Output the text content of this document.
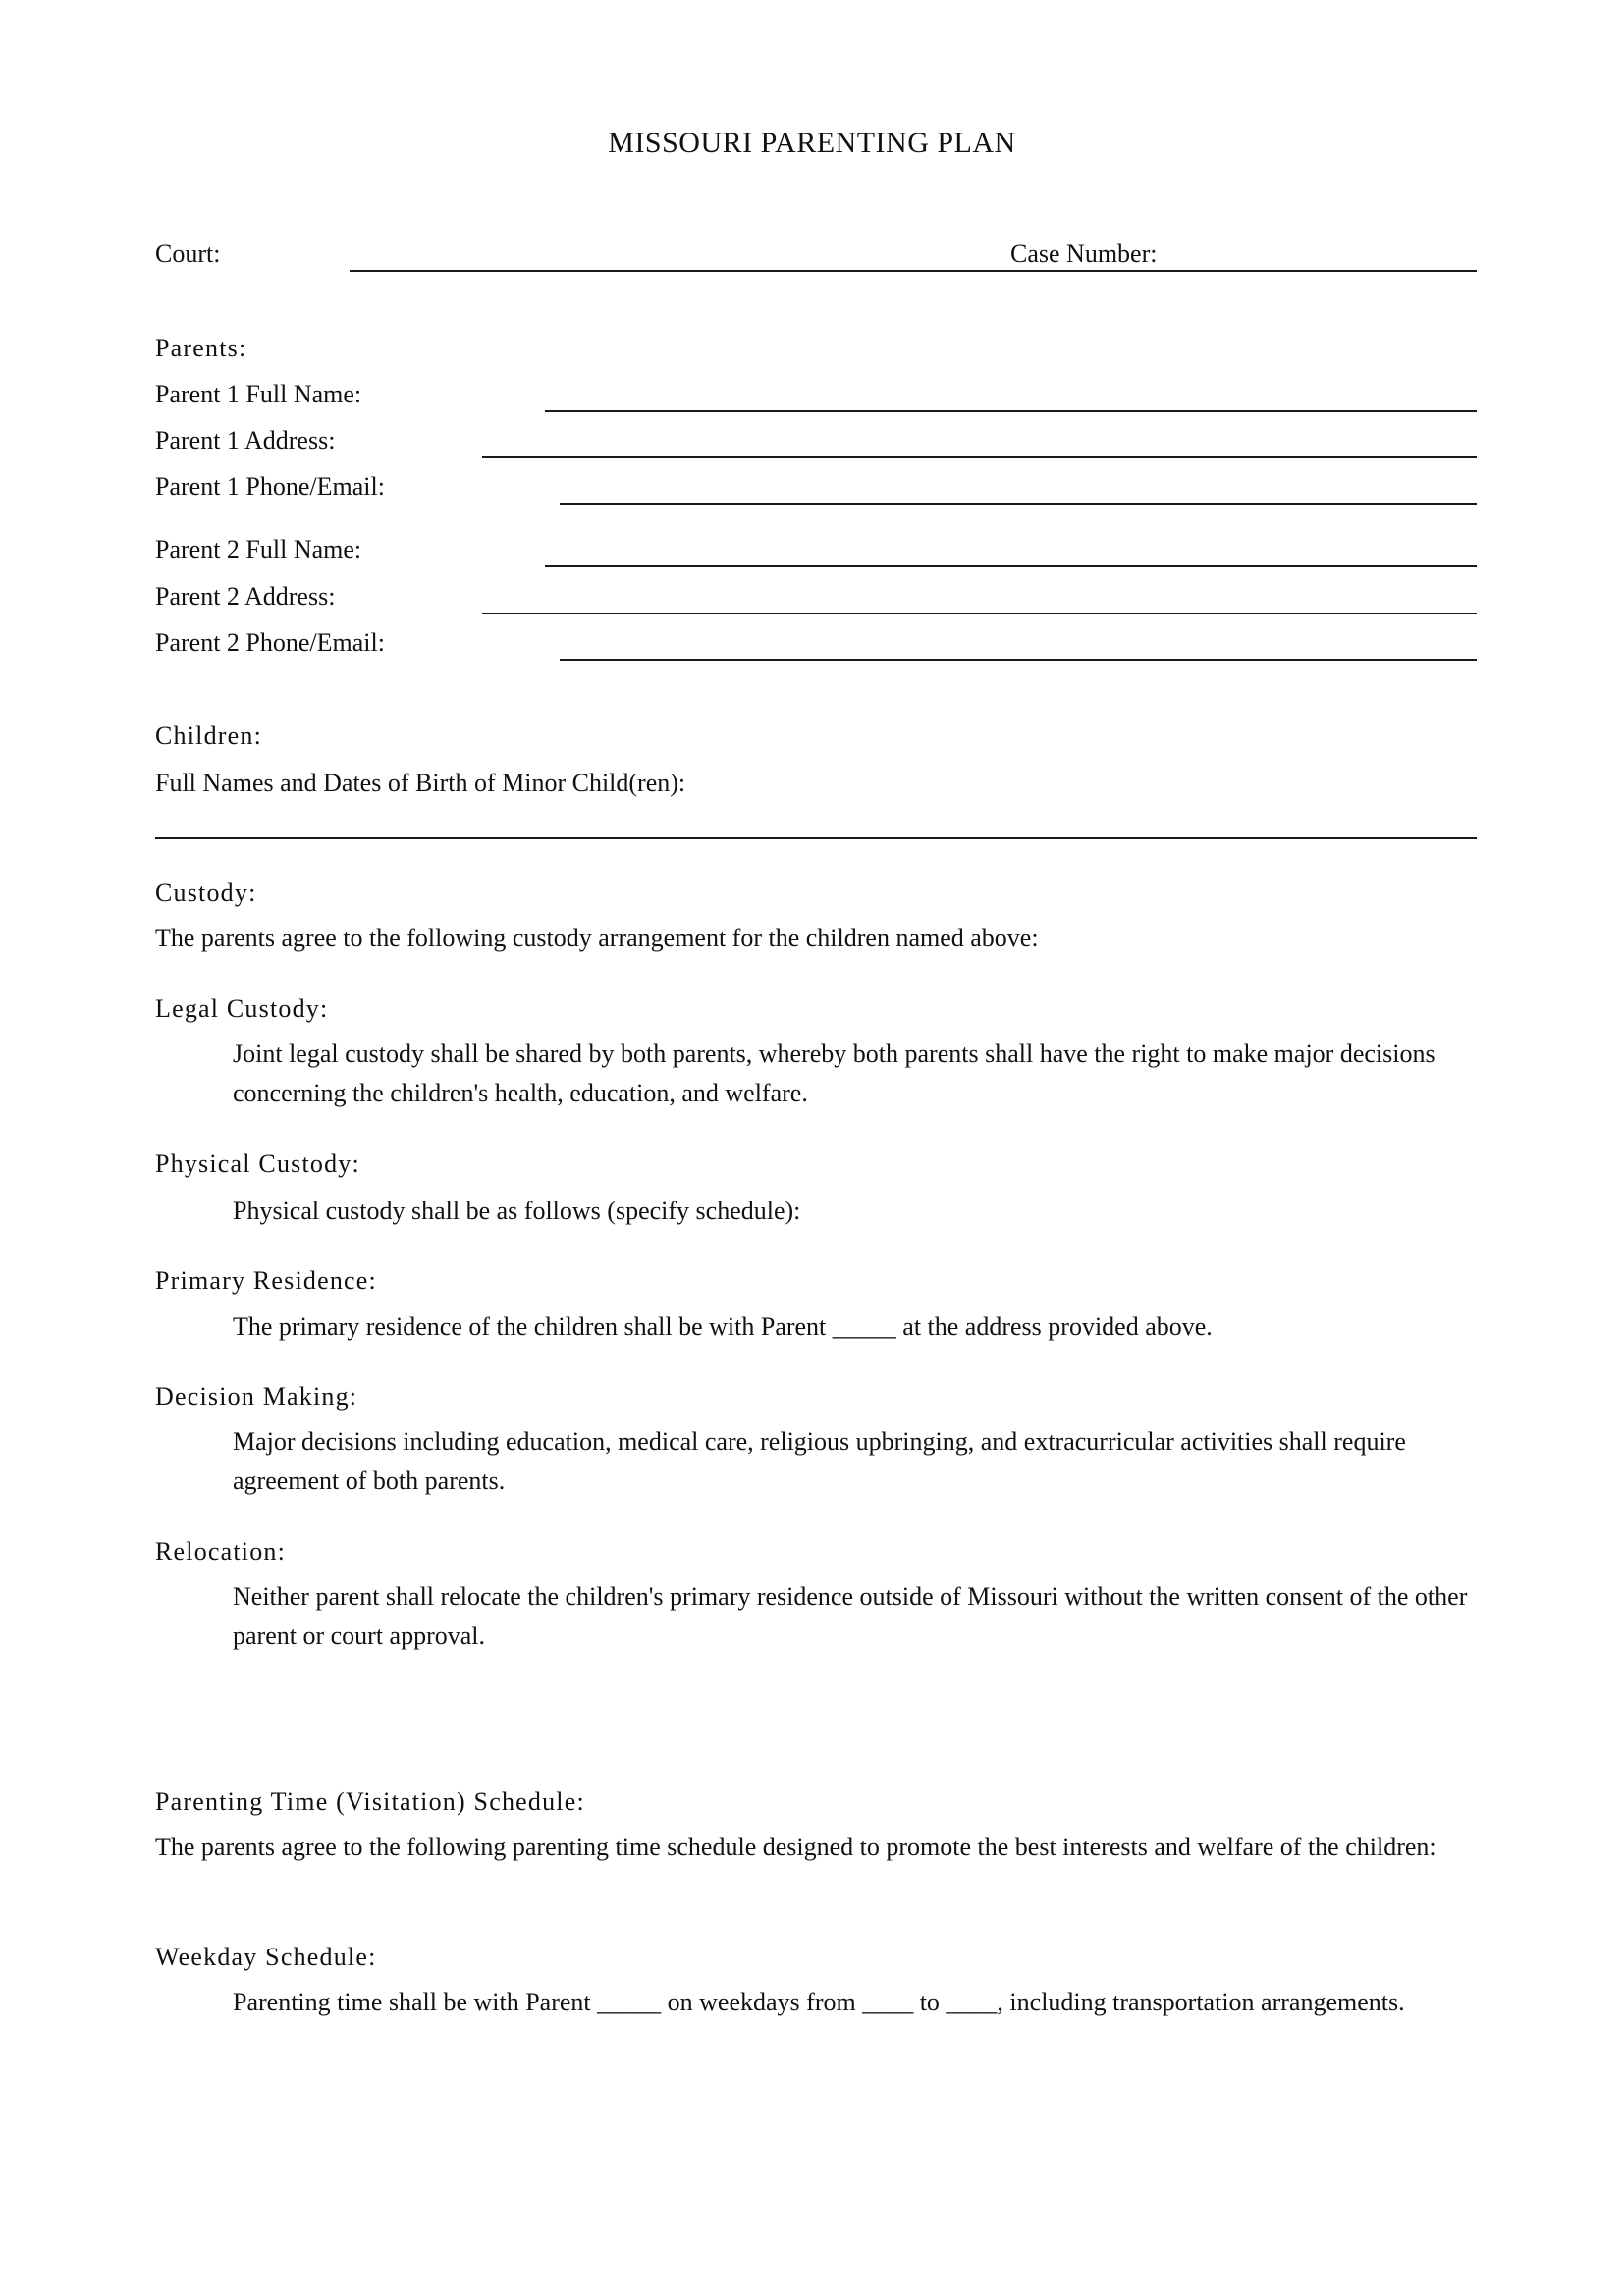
MISSOURI PARENTING PLAN
Court:	Case Number:
Parents:
Parent 1 Full Name:
Parent 1 Address:
Parent 1 Phone/Email:
Parent 2 Full Name:
Parent 2 Address:
Parent 2 Phone/Email:
Children:
Full Names and Dates of Birth of Minor Child(ren):
Custody:
The parents agree to the following custody arrangement for the children named above:
Legal Custody:
Joint legal custody shall be shared by both parents, whereby both parents shall have the right to make major decisions concerning the children's health, education, and welfare.
Physical Custody:
Physical custody shall be as follows (specify schedule):
Primary Residence:
The primary residence of the children shall be with Parent _____ at the address provided above.
Decision Making:
Major decisions including education, medical care, religious upbringing, and extracurricular activities shall require agreement of both parents.
Relocation:
Neither parent shall relocate the children's primary residence outside of Missouri without the written consent of the other parent or court approval.
Parenting Time (Visitation) Schedule:
The parents agree to the following parenting time schedule designed to promote the best interests and welfare of the children:
Weekday Schedule:
Parenting time shall be with Parent _____ on weekdays from ____ to ____, including transportation arrangements.
